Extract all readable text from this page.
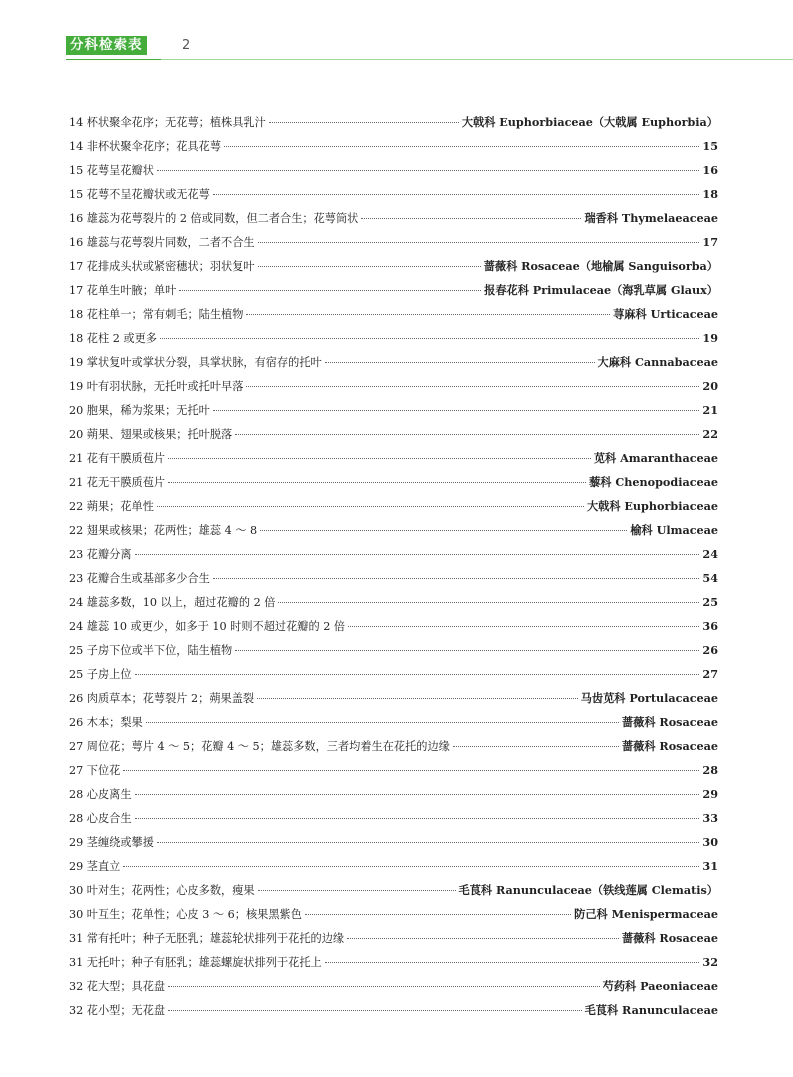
分科检索表	2
14 杯状聚伞花序；无花萼；植株具乳汁	大戟科 Euphorbiaceae（大戟属 Euphorbia）
14 非杯状聚伞花序；花具花萼	15
15 花萼呈花瓣状	16
15 花萼不呈花瓣状或无花萼	18
16 雄蕊为花萼裂片的 2 倍或同数，但二者合生；花萼筒状	瑞香科 Thymelaeaceae
16 雄蕊与花萼裂片同数，二者不合生	17
17 花排成头状或紧密穗状；羽状复叶	蔷薇科 Rosaceae（地榆属 Sanguisorba）
17 花单生叶腋；单叶	报春花科 Primulaceae（海乳草属 Glaux）
18 花柱单一；常有刺毛；陆生植物	荨麻科 Urticaceae
18 花柱 2 或更多	19
19 掌状复叶或掌状分裂，具掌状脉，有宿存的托叶	大麻科 Cannabaceae
19 叶有羽状脉，无托叶或托叶早落	20
20 胞果，稀为浆果；无托叶	21
20 蒴果、翅果或核果；托叶脱落	22
21 花有干膜质苞片	苋科 Amaranthaceae
21 花无干膜质苞片	藜科 Chenopodiaceae
22 蒴果；花单性	大戟科 Euphorbiaceae
22 翅果或核果；花两性；雄蕊 4 ～ 8	榆科 Ulmaceae
23 花瓣分离	24
23 花瓣合生或基部多少合生	54
24 雄蕊多数，10 以上，超过花瓣的 2 倍	25
24 雄蕊 10 或更少，如多于 10 时则不超过花瓣的 2 倍	36
25 子房下位或半下位，陆生植物	26
25 子房上位	27
26 肉质草本；花萼裂片 2；蒴果盖裂	马齿苋科 Portulacaceae
26 木本；梨果	蔷薇科 Rosaceae
27 周位花；萼片 4 ～ 5；花瓣 4 ～ 5；雄蕊多数，三者均着生在花托的边缘	蔷薇科 Rosaceae
27 下位花	28
28 心皮离生	29
28 心皮合生	33
29 茎缠绕或攀援	30
29 茎直立	31
30 叶对生；花两性；心皮多数，瘦果	毛茛科 Ranunculaceae（铁线莲属 Clematis）
30 叶互生；花单性；心皮 3 ～ 6；核果黑紫色	防己科 Menispermaceae
31 常有托叶；种子无胚乳；雄蕊轮状排列于花托的边缘	蔷薇科 Rosaceae
31 无托叶；种子有胚乳；雄蕊螺旋状排列于花托上	32
32 花大型；具花盘	芍药科 Paeoniaceae
32 花小型；无花盘	毛茛科 Ranunculaceae
